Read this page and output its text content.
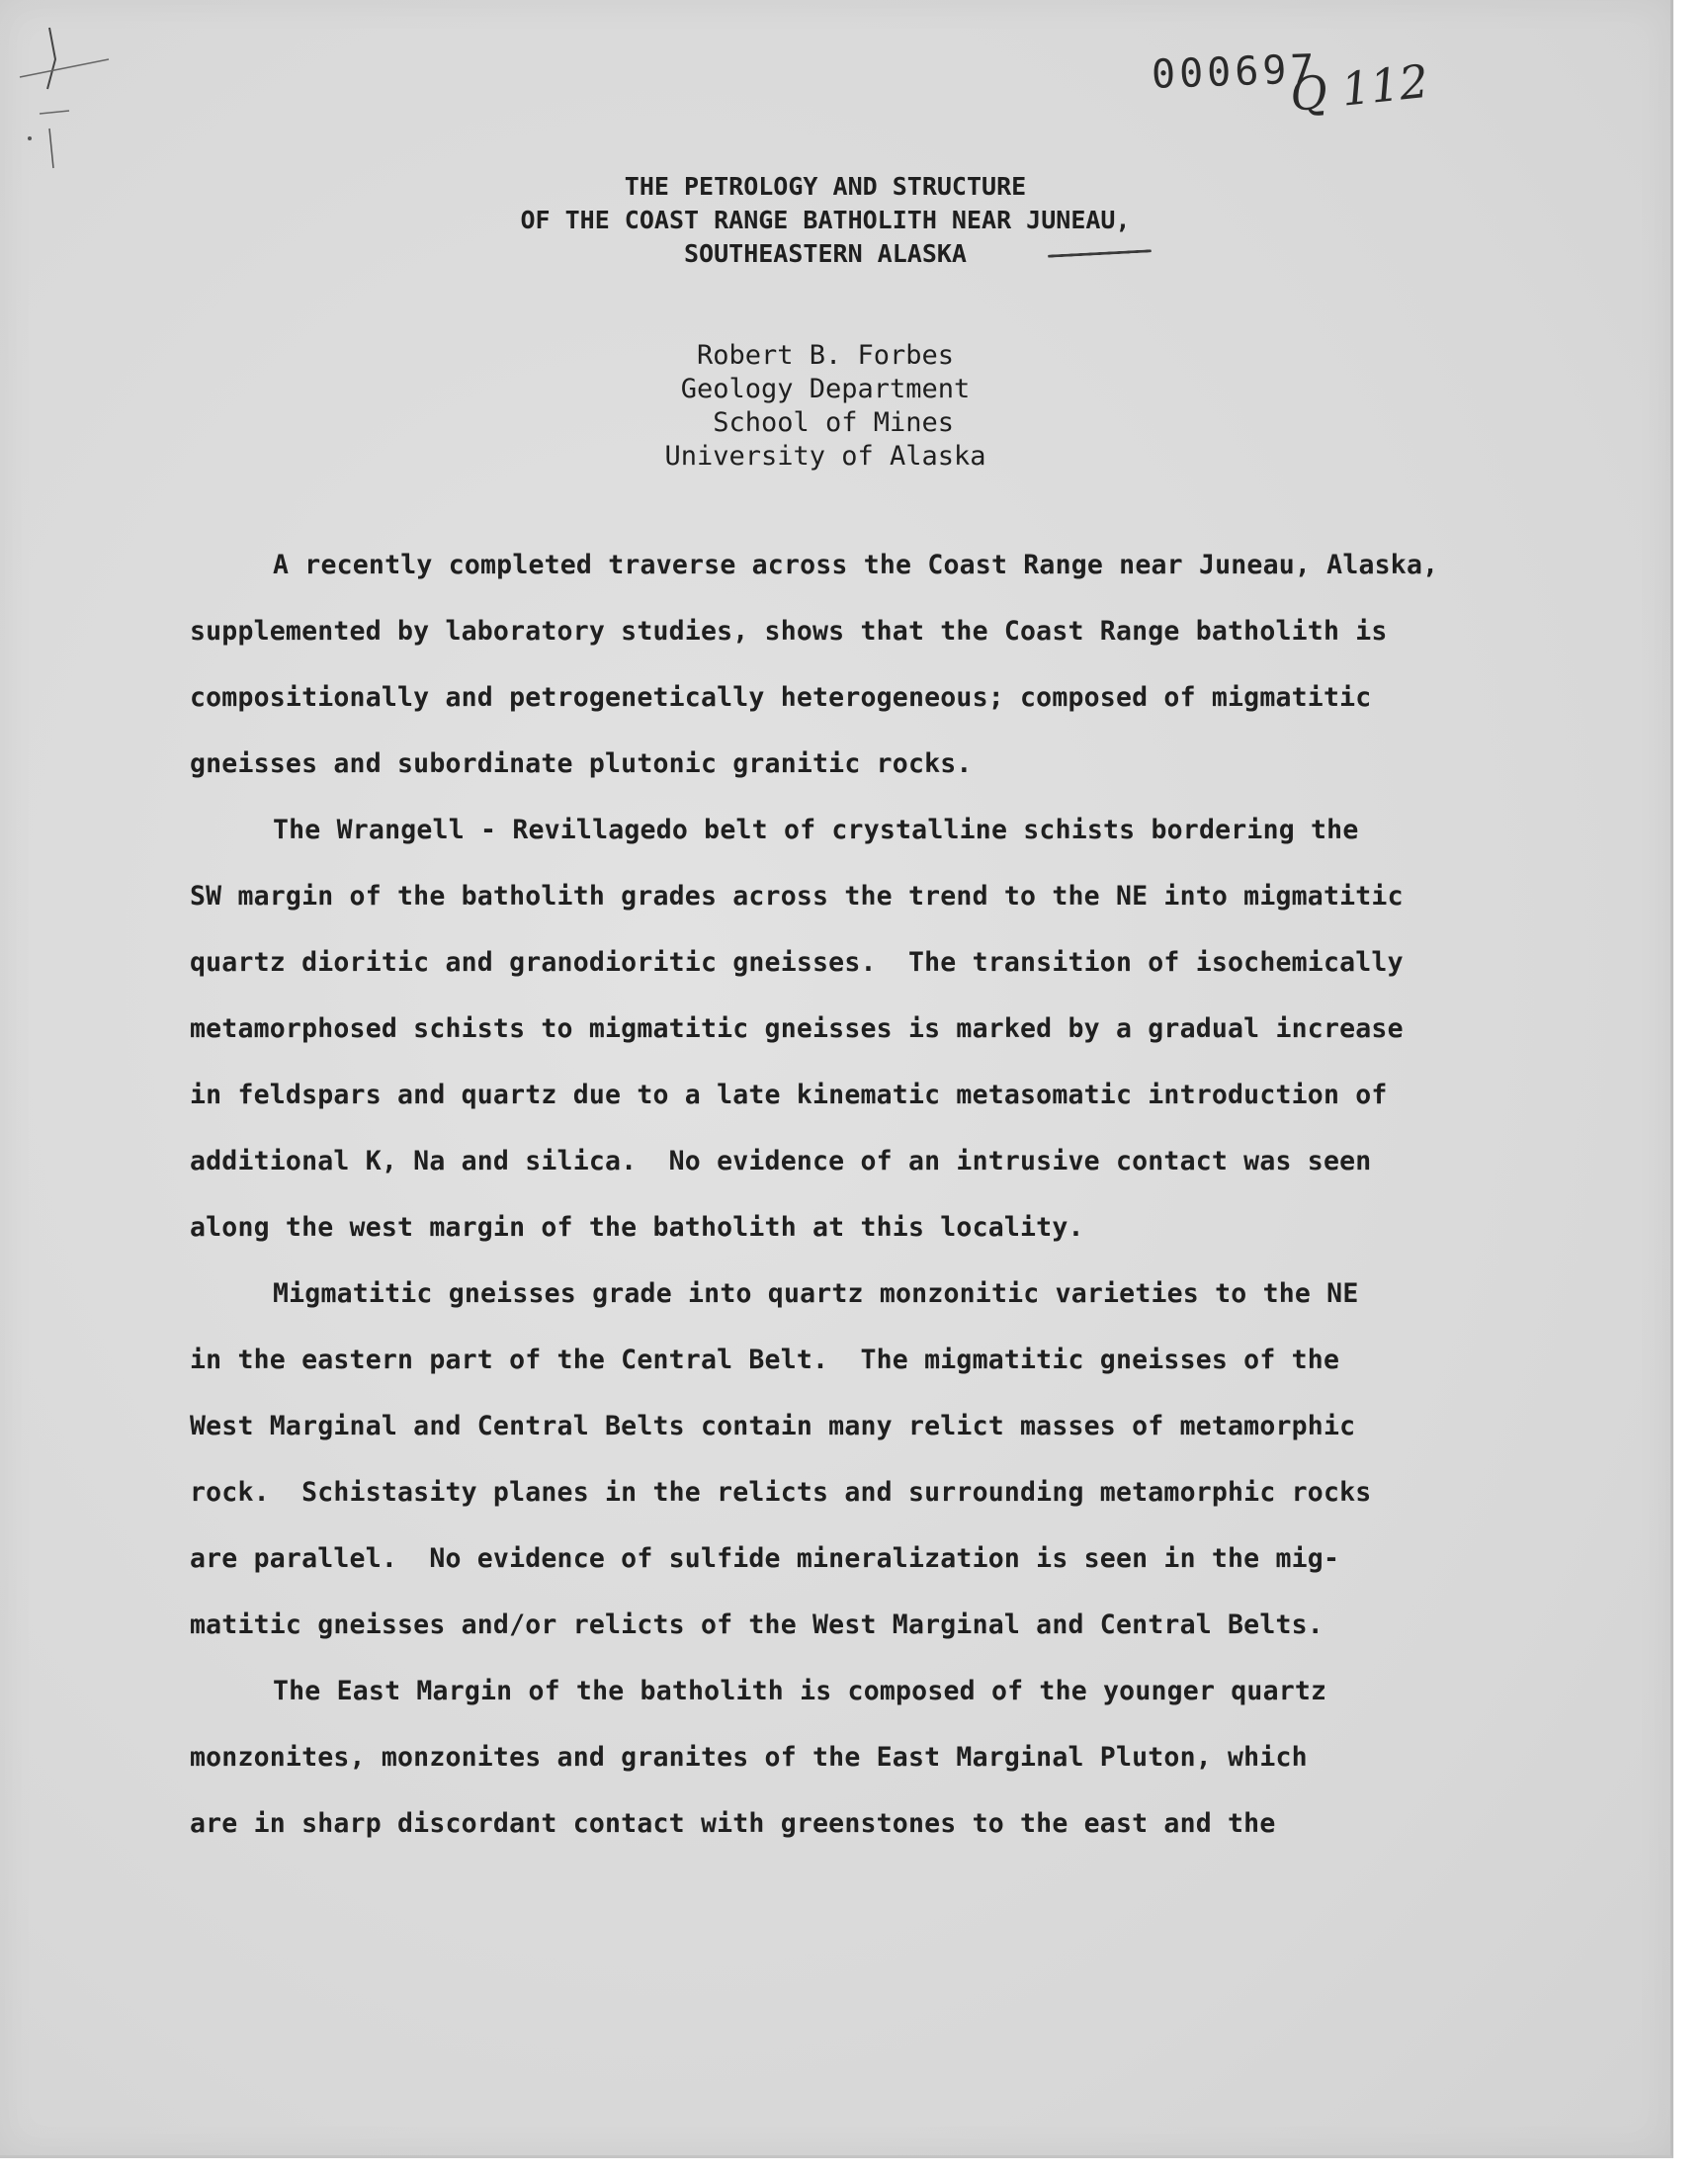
000697
Q 112
THE PETROLOGY AND STRUCTURE
OF THE COAST RANGE BATHOLITH NEAR JUNEAU,
SOUTHEASTERN ALASKA
Robert B. Forbes
Geology Department
School of Mines
University of Alaska
A recently completed traverse across the Coast Range near Juneau, Alaska,
supplemented by laboratory studies, shows that the Coast Range batholith is
compositionally and petrogenetically heterogeneous; composed of migmatitic
gneisses and subordinate plutonic granitic rocks.
The Wrangell - Revillagedo belt of crystalline schists bordering the
SW margin of the batholith grades across the trend to the NE into migmatitic
quartz dioritic and granodioritic gneisses.  The transition of isochemically
metamorphosed schists to migmatitic gneisses is marked by a gradual increase
in feldspars and quartz due to a late kinematic metasomatic introduction of
additional K, Na and silica.  No evidence of an intrusive contact was seen
along the west margin of the batholith at this locality.
Migmatitic gneisses grade into quartz monzonitic varieties to the NE
in the eastern part of the Central Belt.  The migmatitic gneisses of the
West Marginal and Central Belts contain many relict masses of metamorphic
rock.  Schistasity planes in the relicts and surrounding metamorphic rocks
are parallel.  No evidence of sulfide mineralization is seen in the mig-
matitic gneisses and/or relicts of the West Marginal and Central Belts.
The East Margin of the batholith is composed of the younger quartz
monzonites, monzonites and granites of the East Marginal Pluton, which
are in sharp discordant contact with greenstones to the east and the
